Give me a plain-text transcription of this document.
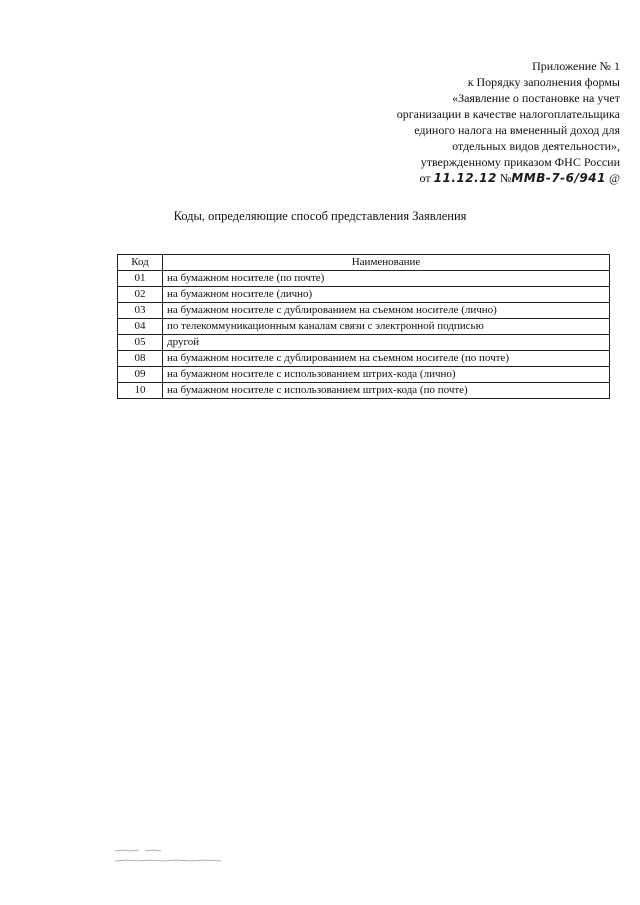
Приложение № 1
к Порядку заполнения формы
«Заявление о постановке на учет
организации в качестве налогоплательщика
единого налога на вмененный доход для
отдельных видов деятельности»,
утвержденному приказом ФНС России
от 11.12.12 №ММВ-7-6/941 @
Коды, определяющие способ представления Заявления
Код	Наименование
01	на бумажном носителе (по почте)
02	на бумажном носителе (лично)
03	на бумажном носителе с дублированием на съемном носителе (лично)
04	по телекоммуникационным каналам связи с электронной подписью
05	другой
08	на бумажном носителе с дублированием на съемном носителе (по почте)
09	на бумажном носителе с использованием штрих-кода (лично)
10	на бумажном носителе с использованием штрих-кода (по почте)
